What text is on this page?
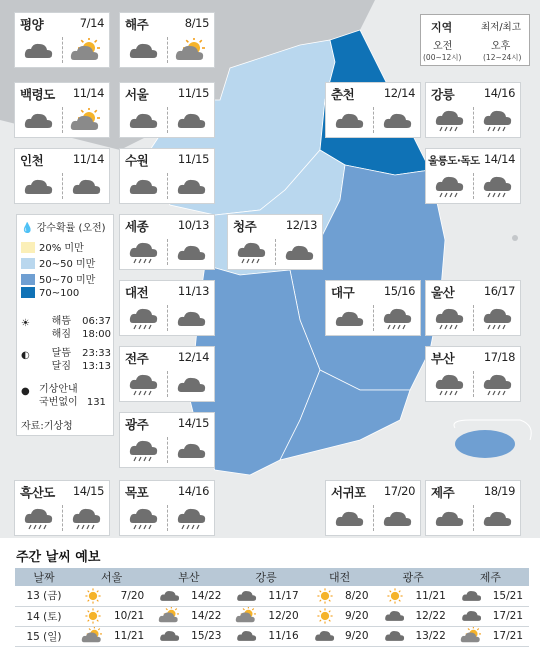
지역	최저/최고
오전	오후
(00~12시)	(12~24시)
평양	7/14 해주	8/15
백령도 11/14 서울	11/15
인천	11/14 수원	11/15
춘천	12/14 강릉	14/16
울릉도·독도 14/14
세종	10/13 청주	12/13
대전	11/13	대구	15/16 울산	16/17
전주	12/14	부산	17/18
광주	14/15
흑산도 14/15 목포	14/16	서귀포 17/20 제주	18/19
💧 강수확률 (오전)
20% 미만
20~50 미만
50~70 미만
70~100
☀	해뜸 06:37
해짐 18:00
◐	달뜸 23:33
달짐 13:13
● 기상안내
국번없이 131
자료:기상청
주간 날씨 예보
날짜	서울	부산	강릉	대전	광주	제주
13 (금)	7/20	14/22	11/17	8/20	11/21	15/21

14 (토)	10/21	14/22	12/20	9/20	12/22	17/21

15 (일)	11/21	15/23	11/16	9/20	13/22	17/21
